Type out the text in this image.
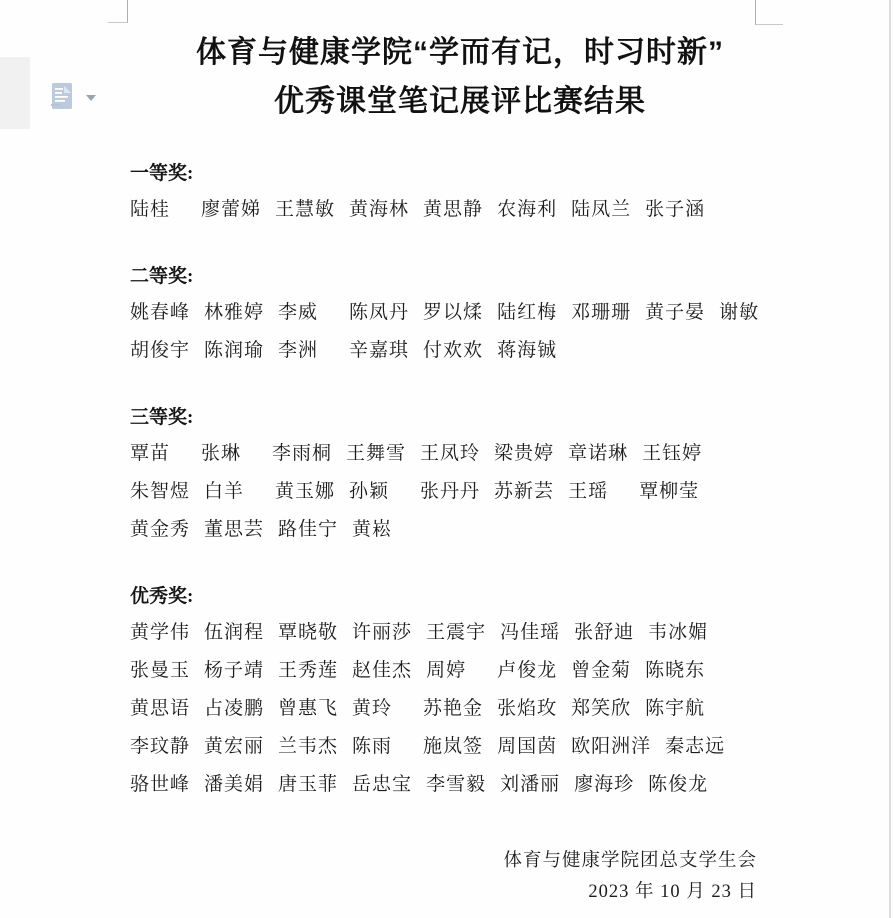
体育与健康学院“学而有记，时习时新”
优秀课堂笔记展评比赛结果
一等奖:
陆桂 廖蕾娣 王慧敏 黄海林 黄思静 农海利 陆凤兰 张子涵
二等奖:
姚春峰 林雅婷 李威 陈凤丹 罗以煣 陆红梅 邓珊珊 黄子晏 谢敏
胡俊宇 陈润瑜 李洲 辛嘉琪 付欢欢 蒋海铖
三等奖:
覃苗 张琳 李雨桐 王舞雪 王凤玲 梁贵婷 章诺琳 王钰婷
朱智煜 白羊 黄玉娜 孙颖 张丹丹 苏新芸 王瑶 覃柳莹
黄金秀 董思芸 路佳宁 黄崧
优秀奖:
黄学伟 伍润程 覃晓敬 许丽莎 王震宇 冯佳瑶 张舒迪 韦冰媚
张曼玉 杨子靖 王秀莲 赵佳杰 周婷 卢俊龙 曾金菊 陈晓东
黄思语 占凌鹏 曾惠飞 黄玲 苏艳金 张焰玫 郑笑欣 陈宇航
李玟静 黄宏丽 兰韦杰 陈雨 施岚签 周国茵 欧阳洲洋 秦志远
骆世峰 潘美娟 唐玉菲 岳忠宝 李雪毅 刘潘丽 廖海珍 陈俊龙
体育与健康学院团总支学生会
2023 年 10 月 23 日
